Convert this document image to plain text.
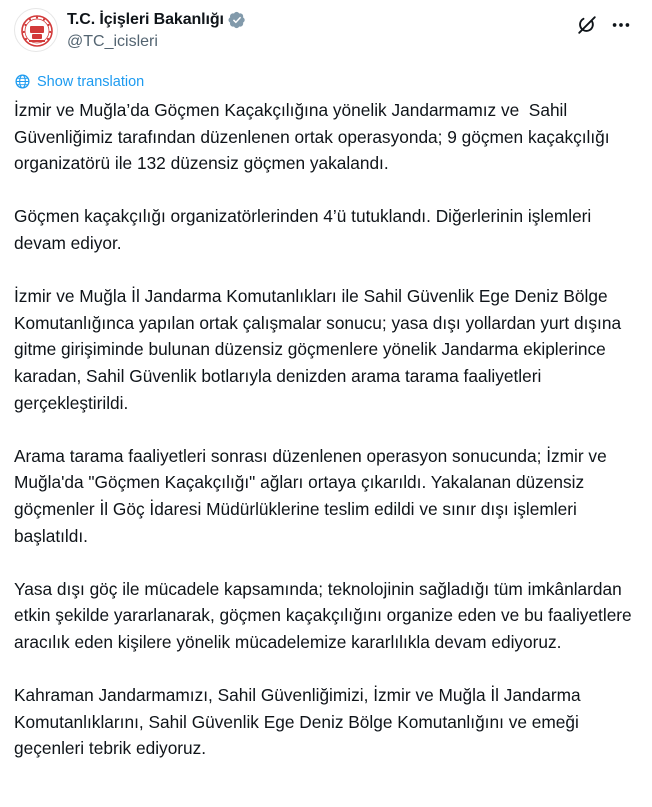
T.C. İçişleri Bakanlığı
@TC_icisleri
Show translation

İzmir ve Muğla’da Göçmen Kaçakçılığına yönelik Jandarmamız ve  Sahil Güvenliğimiz tarafından düzenlenen ortak operasyonda; 9 göçmen kaçakçılığı organizatörü ile 132 düzensiz göçmen yakalandı.

Göçmen kaçakçılığı organizatörlerinden 4’ü tutuklandı. Diğerlerinin işlemleri devam ediyor.

İzmir ve Muğla İl Jandarma Komutanlıkları ile Sahil Güvenlik Ege Deniz Bölge Komutanlığınca yapılan ortak çalışmalar sonucu; yasa dışı yollardan yurt dışına gitme girişiminde bulunan düzensiz göçmenlere yönelik Jandarma ekiplerince karadan, Sahil Güvenlik botlarıyla denizden arama tarama faaliyetleri gerçekleştirildi.

Arama tarama faaliyetleri sonrası düzenlenen operasyon sonucunda; İzmir ve Muğla'da "Göçmen Kaçakçılığı" ağları ortaya çıkarıldı. Yakalanan düzensiz göçmenler İl Göç İdaresi Müdürlüklerine teslim edildi ve sınır dışı işlemleri başlatıldı.

Yasa dışı göç ile mücadele kapsamında; teknolojinin sağladığı tüm imkânlardan etkin şekilde yararlanarak, göçmen kaçakçılığını organize eden ve bu faaliyetlere aracılık eden kişilere yönelik mücadelemize kararlılıkla devam ediyoruz.

Kahraman Jandarmamızı, Sahil Güvenliğimizi, İzmir ve Muğla İl Jandarma Komutanlıklarını, Sahil Güvenlik Ege Deniz Bölge Komutanlığını ve emeği geçenleri tebrik ediyoruz.
